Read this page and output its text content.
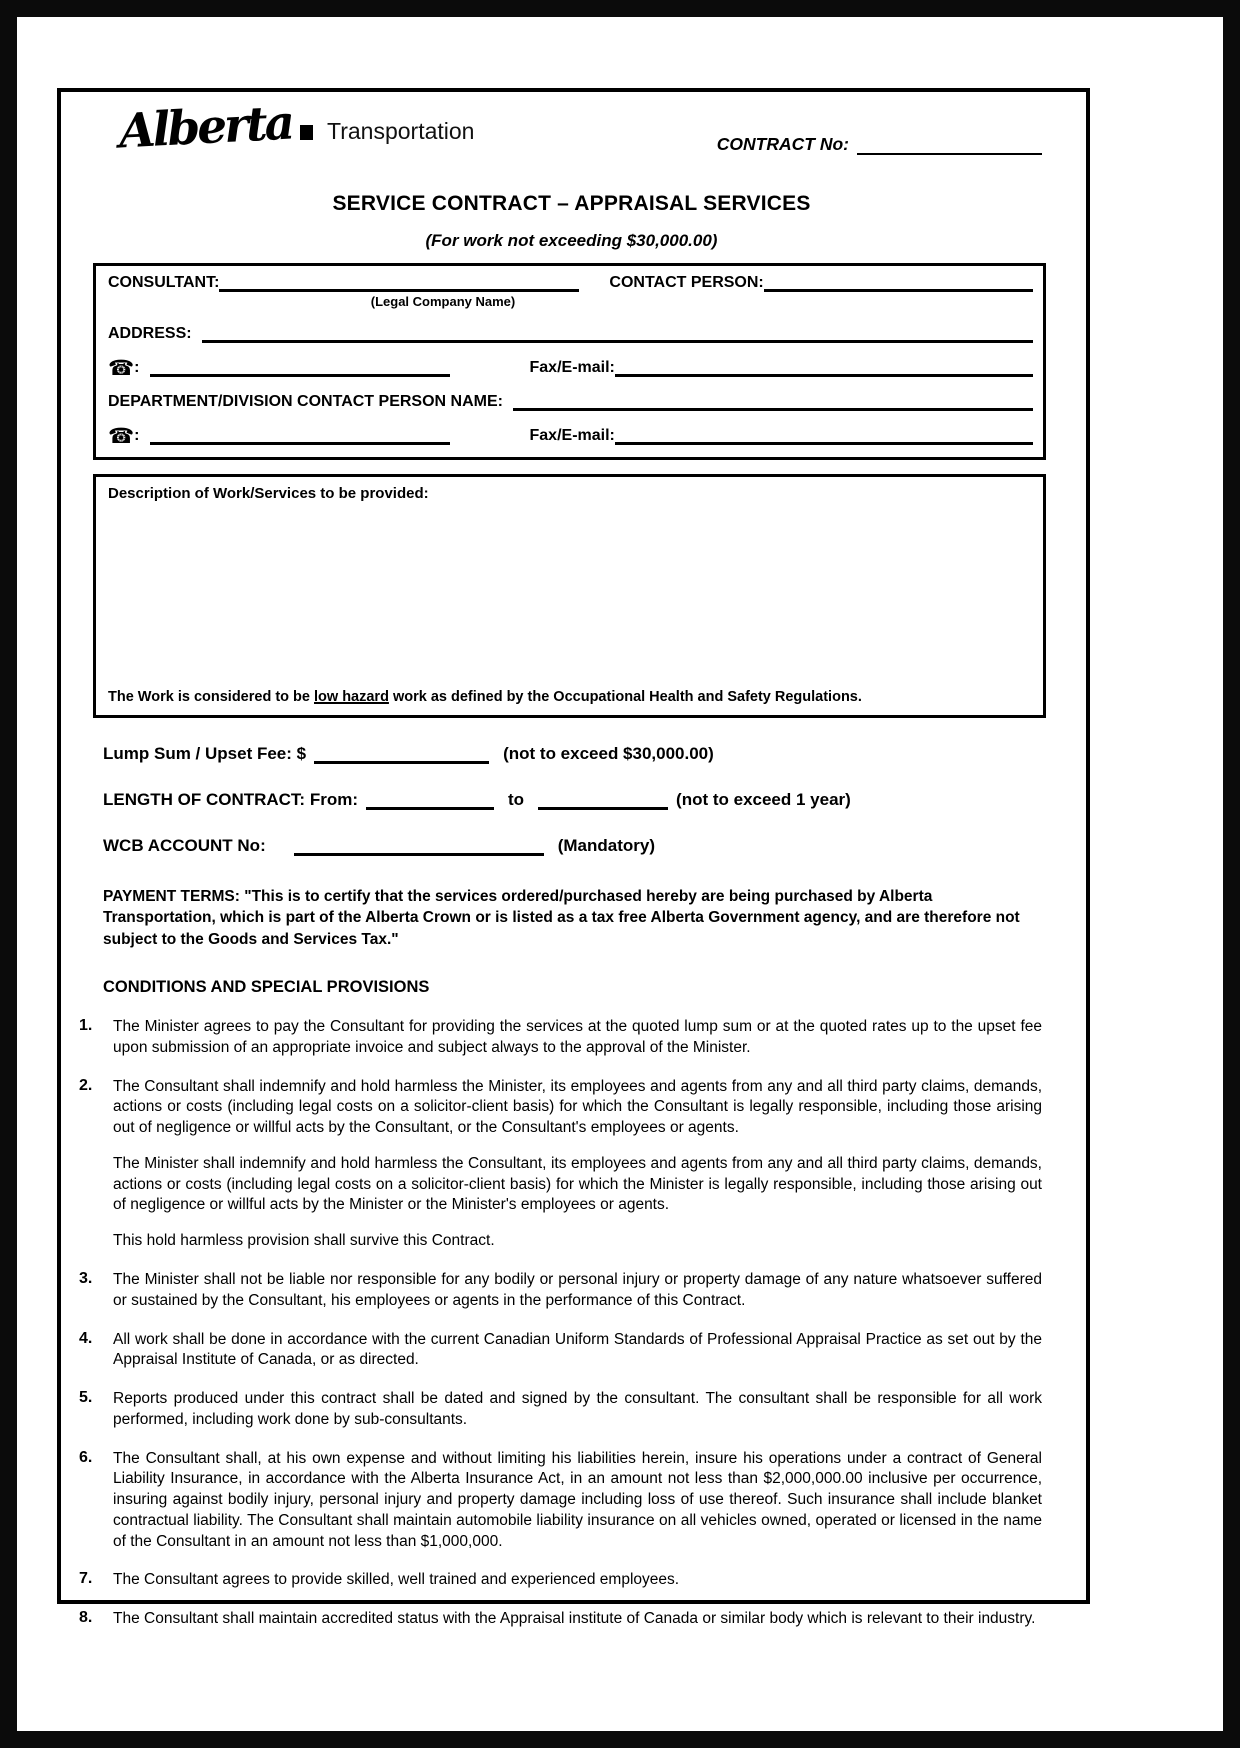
Alberta Transportation	CONTRACT No:
SERVICE CONTRACT – APPRAISAL SERVICES
(For work not exceeding $30,000.00)
CONSULTANT:	CONTACT PERSON:
(Legal Company Name)
ADDRESS:
☎ :	Fax/E-mail:
DEPARTMENT/DIVISION CONTACT PERSON NAME:
☎ :	Fax/E-mail:
Description of Work/Services to be provided:
The Work is considered to be low hazard work as defined by the Occupational Health and Safety Regulations.
Lump Sum / Upset Fee: $	(not to exceed $30,000.00)
LENGTH OF CONTRACT: From:	to	(not to exceed 1 year)
WCB ACCOUNT No:	(Mandatory)
PAYMENT TERMS: "This is to certify that the services ordered/purchased hereby are being purchased by Alberta Transportation, which is part of the Alberta Crown or is listed as a tax free Alberta Government agency, and are therefore not subject to the Goods and Services Tax."
CONDITIONS AND SPECIAL PROVISIONS
1.	The Minister agrees to pay the Consultant for providing the services at the quoted lump sum or at the quoted rates up to the upset fee upon submission of an appropriate invoice and subject always to the approval of the Minister.

2.	The Consultant shall indemnify and hold harmless the Minister, its employees and agents from any and all third party claims, demands, actions or costs (including legal costs on a solicitor-client basis) for which the Consultant is legally responsible, including those arising out of negligence or willful acts by the Consultant, or the Consultant's employees or agents.

The Minister shall indemnify and hold harmless the Consultant, its employees and agents from any and all third party claims, demands, actions or costs (including legal costs on a solicitor-client basis) for which the Minister is legally responsible, including those arising out of negligence or willful acts by the Minister or the Minister's employees or agents.

This hold harmless provision shall survive this Contract.

3.	The Minister shall not be liable nor responsible for any bodily or personal injury or property damage of any nature whatsoever suffered or sustained by the Consultant, his employees or agents in the performance of this Contract.

4.	All work shall be done in accordance with the current Canadian Uniform Standards of Professional Appraisal Practice as set out by the Appraisal Institute of Canada, or as directed.

5.	Reports produced under this contract shall be dated and signed by the consultant. The consultant shall be responsible for all work performed, including work done by sub-consultants.

6.	The Consultant shall, at his own expense and without limiting his liabilities herein, insure his operations under a contract of General Liability Insurance, in accordance with the Alberta Insurance Act, in an amount not less than $2,000,000.00 inclusive per occurrence, insuring against bodily injury, personal injury and property damage including loss of use thereof. Such insurance shall include blanket contractual liability. The Consultant shall maintain automobile liability insurance on all vehicles owned, operated or licensed in the name of the Consultant in an amount not less than $1,000,000.

7.	The Consultant agrees to provide skilled, well trained and experienced employees.

8.	The Consultant shall maintain accredited status with the Appraisal institute of Canada or similar body which is relevant to their industry.
